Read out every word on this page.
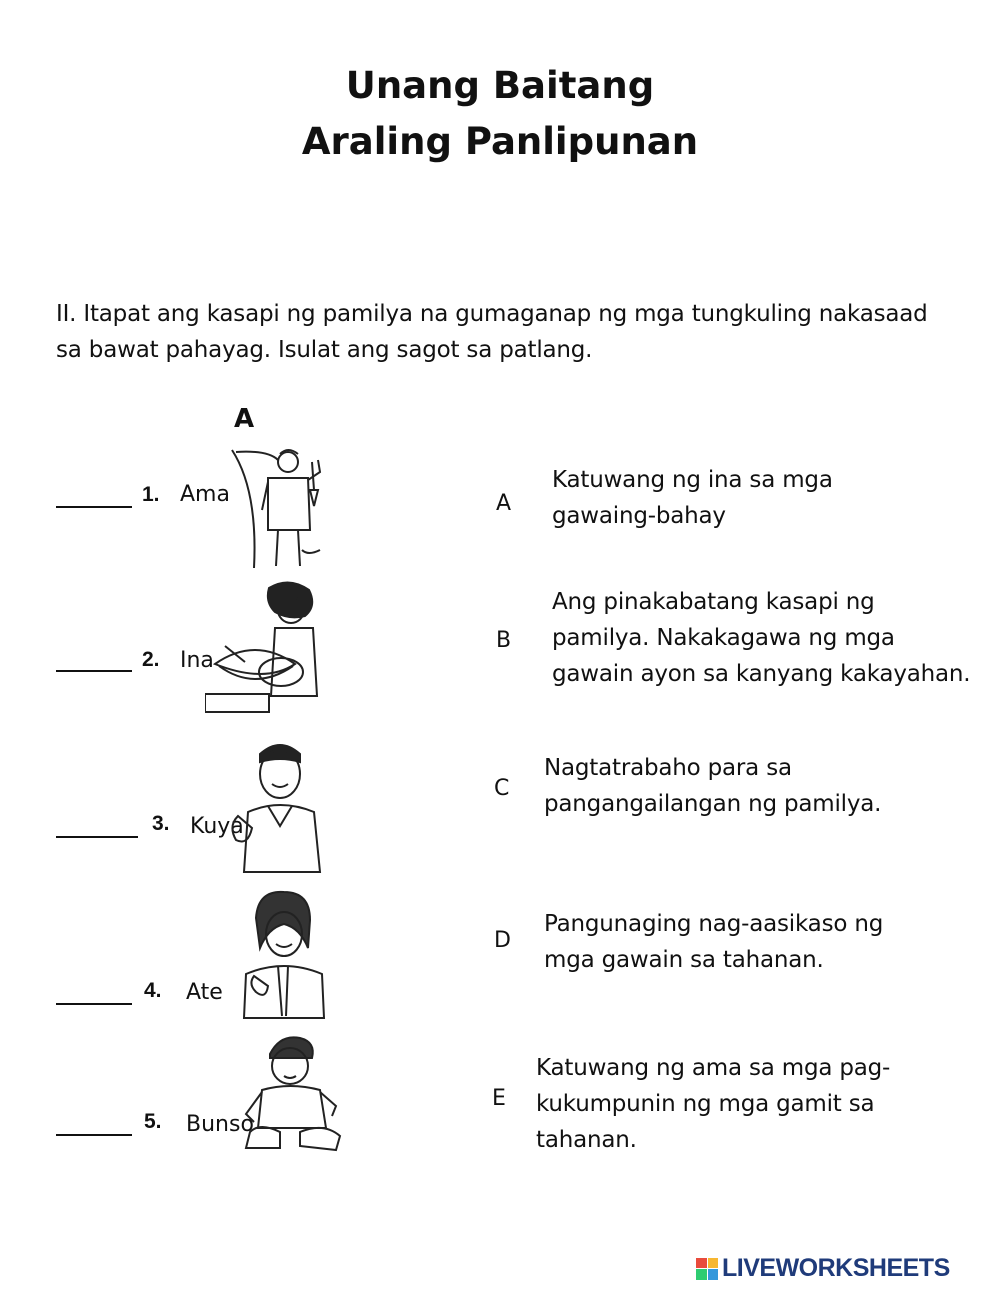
Unang Baitang
Araling Panlipunan
II. Itapat ang kasapi ng pamilya na gumaganap ng mga tungkuling nakasaad
sa bawat pahayag. Isulat ang sagot sa patlang.
A
1. Ama
2. Ina
3. Kuya
4. Ate
5. Bunso
A
Katuwang ng ina sa mga
gawaing-bahay
B
Ang pinakabatang kasapi ng
pamilya. Nakakagawa ng mga
gawain ayon sa kanyang kakayahan.
C
Nagtatrabaho para sa
pangangailangan ng pamilya.
D
Pangunaging nag-aasikaso ng
mga gawain sa tahanan.
E
Katuwang ng ama sa mga pag-
kukumpunin ng mga gamit sa
tahanan.
LIVEWORKSHEETS
